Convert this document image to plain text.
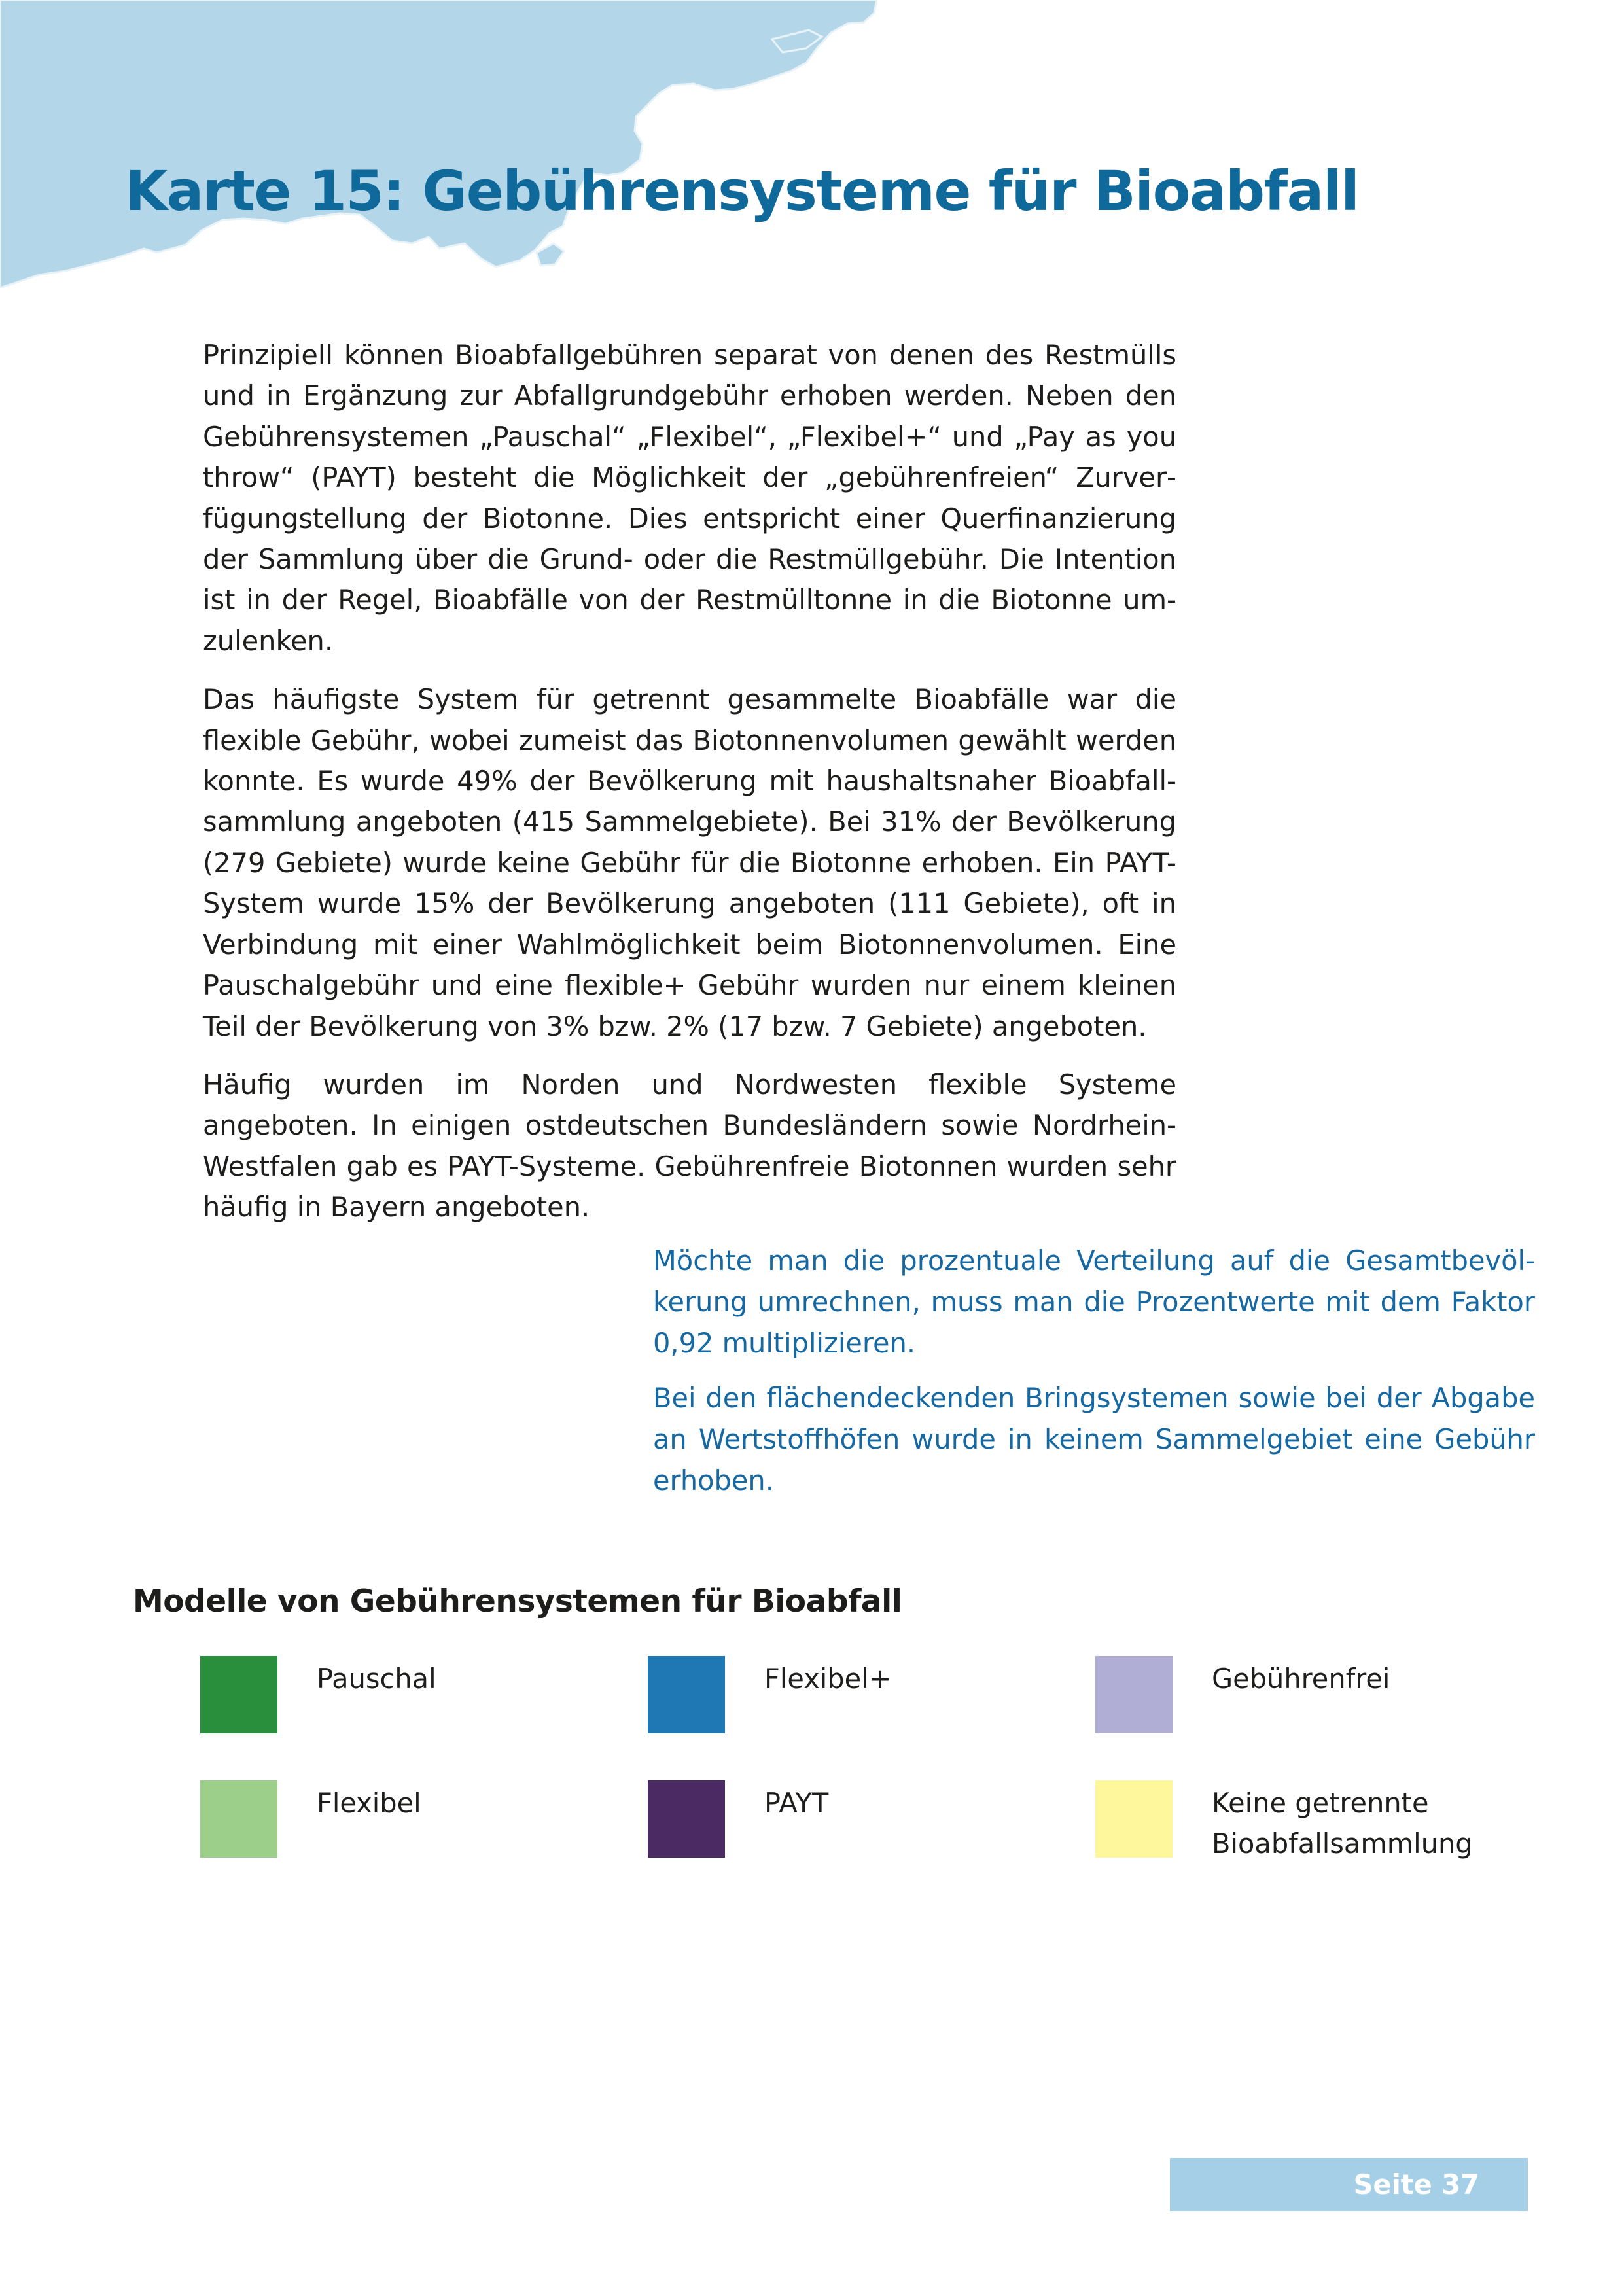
Karte 15: Gebührensysteme für Bioabfall

Prinzipiell können Bioabfallgebühren separat von denen des Restmülls und in Ergänzung zur Abfallgrundgebühr erhoben werden. Neben den Gebührensystemen „Pauschal“ „Flexibel“, „Flexibel+“ und „Pay as you throw“ (PAYT) besteht die Möglichkeit der „gebührenfreien“ Zurverfügungstellung der Biotonne. Dies entspricht einer Querfinanzierung der Sammlung über die Grund- oder die Restmüllgebühr. Die Intention ist in der Regel, Bioabfälle von der Restmülltonne in die Biotonne umzulenken.

Das häufigste System für getrennt gesammelte Bioabfälle war die flexible Gebühr, wobei zumeist das Biotonnenvolumen gewählt werden konnte. Es wurde 49% der Bevölkerung mit haushaltsnaher Bioabfallsammlung angeboten (415 Sammelgebiete). Bei 31% der Bevölkerung (279 Gebiete) wurde keine Gebühr für die Biotonne erhoben. Ein PAYT-System wurde 15% der Bevölkerung angeboten (111 Gebiete), oft in Verbindung mit einer Wahlmöglichkeit beim Biotonnenvolumen. Eine Pauschalgebühr und eine flexible+ Gebühr wurden nur einem kleinen Teil der Bevölkerung von 3% bzw. 2% (17 bzw. 7 Gebiete) angeboten.

Häufig wurden im Norden und Nordwesten flexible Systeme angeboten. In einigen ostdeutschen Bundesländern sowie Nordrhein-Westfalen gab es PAYT-Systeme. Gebührenfreie Biotonnen wurden sehr häufig in Bayern angeboten.

Möchte man die prozentuale Verteilung auf die Gesamtbevölkerung umrechnen, muss man die Prozentwerte mit dem Faktor 0,92 multiplizieren.

Bei den flächendeckenden Bringsystemen sowie bei der Abgabe an Wertstoffhöfen wurde in keinem Sammelgebiet eine Gebühr erhoben.

Modelle von Gebührensystemen für Bioabfall
Pauschal	Flexibel+	Gebührenfrei
Flexibel	PAYT	Keine getrennte Bioabfallsammlung
Seite 37
